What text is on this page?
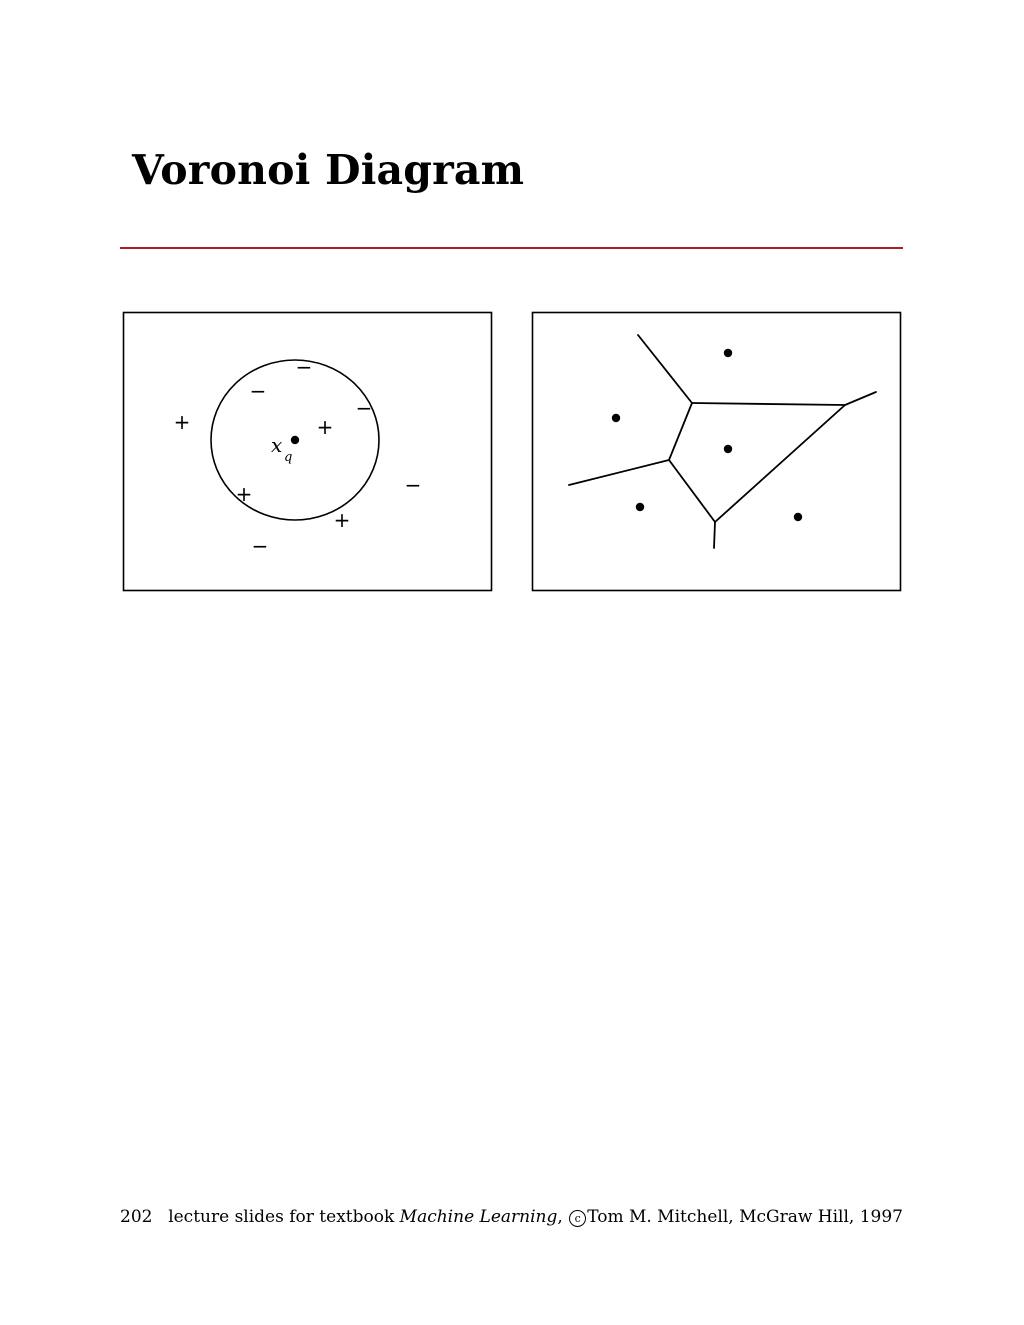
Voronoi Diagram
x
q
+	+
+
+
−
−
−
−
−
202 lecture slides for textbook Machine Learning, c Tom M. Mitchell, McGraw Hill, 1997
